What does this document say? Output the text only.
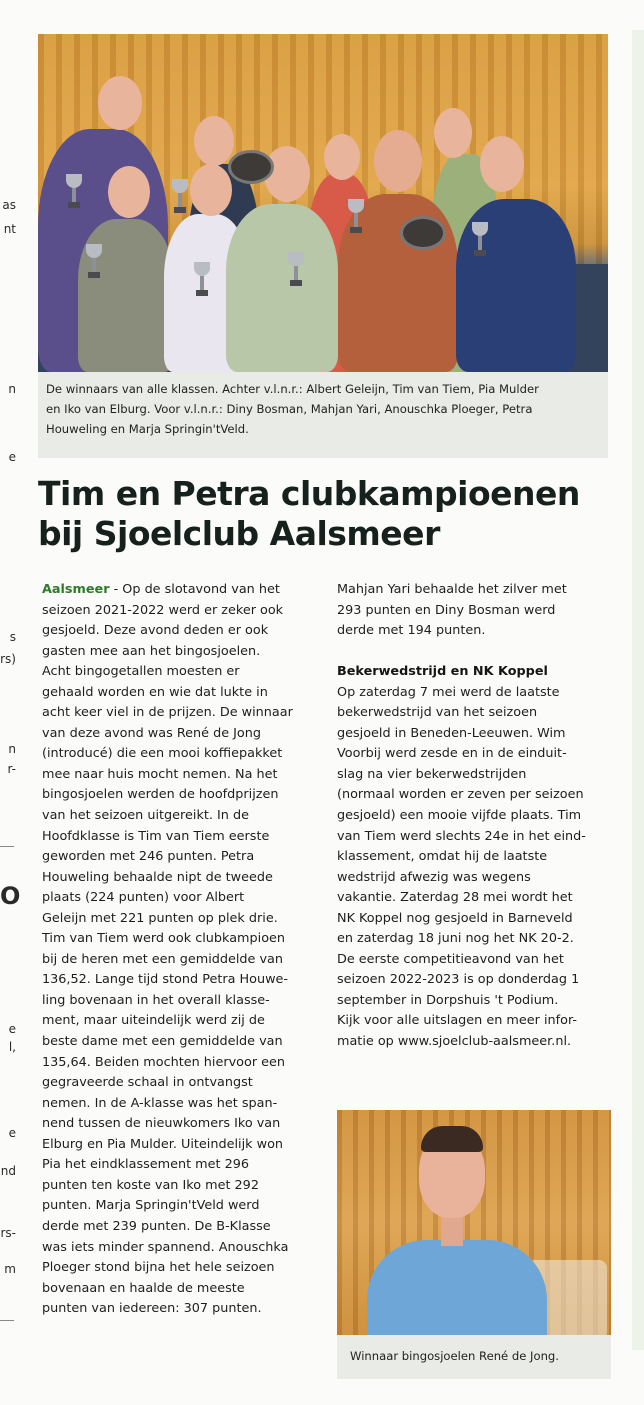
as
nt
n
e
s
rs)
n
r-
O
e
l,
e
nd
rs-
m
De winnaars van alle klassen. Achter v.l.n.r.: Albert Geleijn, Tim van Tiem, Pia Mulder
en Iko van Elburg. Voor v.l.n.r.: Diny Bosman, Mahjan Yari, Anouschka Ploeger, Petra
Houweling en Marja Springin'tVeld.
Tim en Petra clubkampioenen
bij Sjoelclub Aalsmeer
Aalsmeer - Op de slotavond van het
seizoen 2021-2022 werd er zeker ook
gesjoeld. Deze avond deden er ook
gasten mee aan het bingosjoelen.
Acht bingogetallen moesten er
gehaald worden en wie dat lukte in
acht keer viel in de prijzen. De winnaar
van deze avond was René de Jong
(introducé) die een mooi koffiepakket
mee naar huis mocht nemen. Na het
bingosjoelen werden de hoofdprijzen
van het seizoen uitgereikt. In de
Hoofdklasse is Tim van Tiem eerste
geworden met 246 punten. Petra
Houweling behaalde nipt de tweede
plaats (224 punten) voor Albert
Geleijn met 221 punten op plek drie.
Tim van Tiem werd ook clubkampioen
bij de heren met een gemiddelde van
136,52. Lange tijd stond Petra Houwe-
ling bovenaan in het overall klasse-
ment, maar uiteindelijk werd zij de
beste dame met een gemiddelde van
135,64. Beiden mochten hiervoor een
gegraveerde schaal in ontvangst
nemen. In de A-klasse was het span-
nend tussen de nieuwkomers Iko van
Elburg en Pia Mulder. Uiteindelijk won
Pia het eindklassement met 296
punten ten koste van Iko met 292
punten. Marja Springin'tVeld werd
derde met 239 punten. De B-Klasse
was iets minder spannend. Anouschka
Ploeger stond bijna het hele seizoen
bovenaan en haalde de meeste
punten van iedereen: 307 punten.
Mahjan Yari behaalde het zilver met
293 punten en Diny Bosman werd
derde met 194 punten.

Bekerwedstrijd en NK Koppel
Op zaterdag 7 mei werd de laatste
bekerwedstrijd van het seizoen
gesjoeld in Beneden-Leeuwen. Wim
Voorbij werd zesde en in de einduit-
slag na vier bekerwedstrijden
(normaal worden er zeven per seizoen
gesjoeld) een mooie vijfde plaats. Tim
van Tiem werd slechts 24e in het eind-
klassement, omdat hij de laatste
wedstrijd afwezig was wegens
vakantie. Zaterdag 28 mei wordt het
NK Koppel nog gesjoeld in Barneveld
en zaterdag 18 juni nog het NK 20-2.
De eerste competitieavond van het
seizoen 2022-2023 is op donderdag 1
september in Dorpshuis 't Podium.
Kijk voor alle uitslagen en meer infor-
matie op www.sjoelclub-aalsmeer.nl.
Winnaar bingosjoelen René de Jong.
